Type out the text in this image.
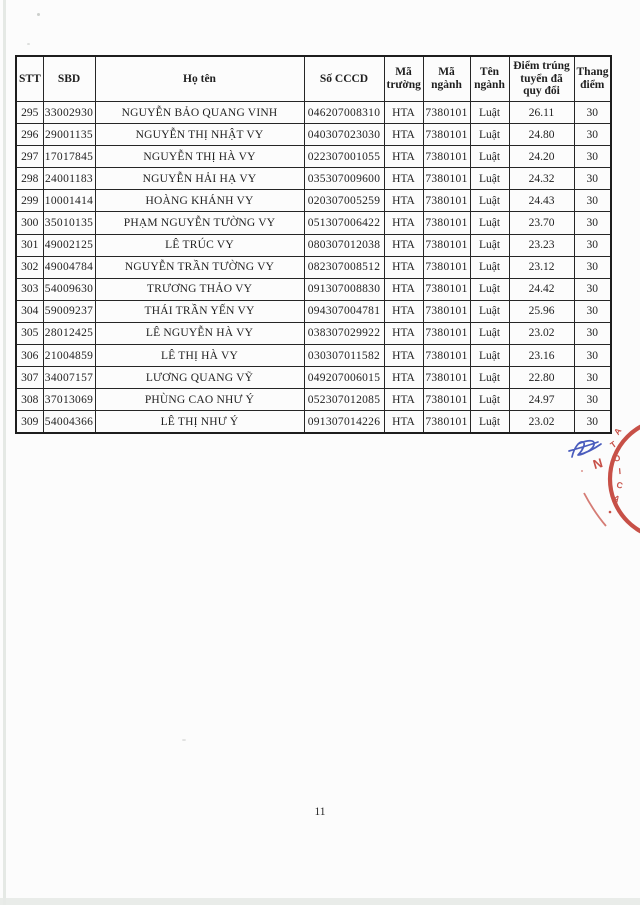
STT	SBD	Họ tên	Số CCCD	Mã trường	Mã ngành	Tên ngành	Điểm trúng tuyển đã quy đổi	Thang điểm
295	33002930	NGUYỄN BẢO QUANG VINH	046207008310	HTA	7380101	Luật	26.11	30
296	29001135	NGUYỄN THỊ NHẬT VY	040307023030	HTA	7380101	Luật	24.80	30
297	17017845	NGUYỄN THỊ HÀ VY	022307001055	HTA	7380101	Luật	24.20	30
298	24001183	NGUYỄN HẢI HẠ VY	035307009600	HTA	7380101	Luật	24.32	30
299	10001414	HOÀNG KHÁNH VY	020307005259	HTA	7380101	Luật	24.43	30
300	35010135	PHẠM NGUYỄN TƯỜNG VY	051307006422	HTA	7380101	Luật	23.70	30
301	49002125	LÊ TRÚC VY	080307012038	HTA	7380101	Luật	23.23	30
302	49004784	NGUYỄN TRẦN TƯỜNG VY	082307008512	HTA	7380101	Luật	23.12	30
303	54009630	TRƯƠNG THẢO VY	091307008830	HTA	7380101	Luật	24.42	30
304	59009237	THÁI TRẦN YẾN VY	094307004781	HTA	7380101	Luật	25.96	30
305	28012425	LÊ NGUYỄN HÀ VY	038307029922	HTA	7380101	Luật	23.02	30
306	21004859	LÊ THỊ HÀ VY	030307011582	HTA	7380101	Luật	23.16	30
307	34007157	LƯƠNG QUANG VỸ	049207006015	HTA	7380101	Luật	22.80	30
308	37013069	PHÙNG CAO NHƯ Ý	052307012085	HTA	7380101	Luật	24.97	30
309	54004366	LÊ THỊ NHƯ Ý	091307014226	HTA	7380101	Luật	23.02	30
A
T
Ô
I
C
A
N
11
